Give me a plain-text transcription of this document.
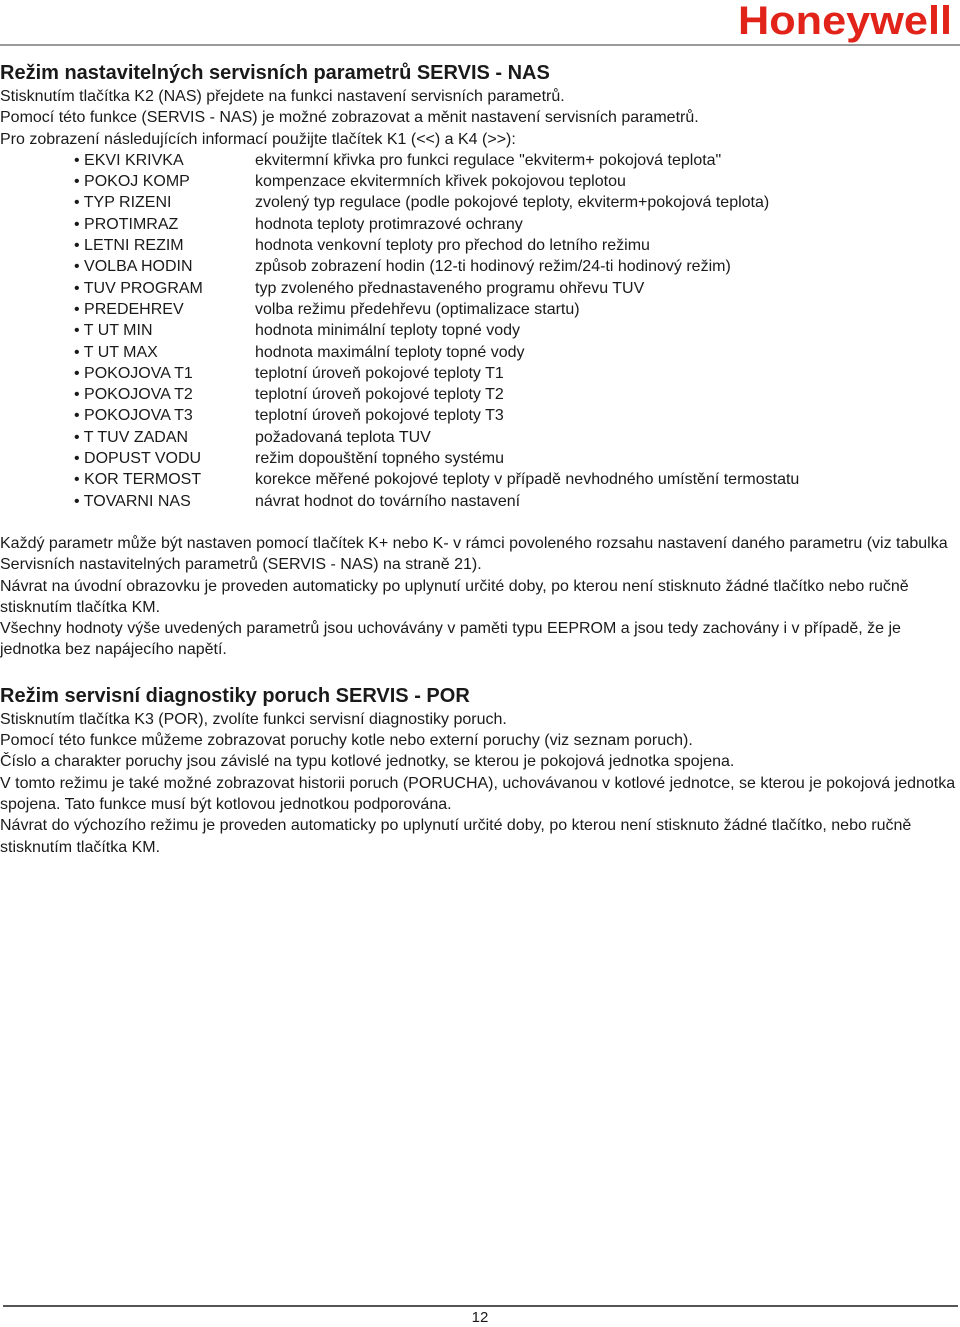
Honeywell
Režim nastavitelných servisních parametrů SERVIS - NAS

Stisknutím tlačítka K2 (NAS) přejdete na funkci nastavení servisních parametrů.

Pomocí této funkce (SERVIS - NAS) je možné zobrazovat a měnit nastavení servisních parametrů.

Pro zobrazení následujících informací použijte tlačítek K1 (<<) a K4 (>>):

• EKVI KRIVKA	ekvitermní křivka pro funkci regulace "ekviterm+ pokojová teplota"
• POKOJ KOMP	kompenzace ekvitermních křivek pokojovou teplotou
• TYP RIZENI	zvolený typ regulace (podle pokojové teploty, ekviterm+pokojová teplota)
• PROTIMRAZ	hodnota teploty protimrazové ochrany
• LETNI REZIM	hodnota venkovní teploty pro přechod do letního režimu
• VOLBA HODIN	způsob zobrazení hodin (12-ti hodinový režim/24-ti hodinový režim)
• TUV PROGRAM	typ zvoleného přednastaveného programu ohřevu TUV
• PREDEHREV	volba režimu předehřevu (optimalizace startu)
• T UT MIN	hodnota minimální teploty topné vody
• T UT MAX	hodnota maximální teploty topné vody
• POKOJOVA T1	teplotní úroveň pokojové teploty T1
• POKOJOVA T2	teplotní úroveň pokojové teploty T2
• POKOJOVA T3	teplotní úroveň pokojové teploty T3
• T TUV ZADAN	požadovaná teplota TUV
• DOPUST VODU	režim dopouštění topného systému
• KOR TERMOST	korekce měřené pokojové teploty v případě nevhodného umístění termostatu
• TOVARNI NAS	návrat hodnot do továrního nastavení

Každý parametr může být nastaven pomocí tlačítek K+ nebo K- v rámci povoleného rozsahu nastavení daného parametru (viz tabulka Servisních nastavitelných parametrů (SERVIS - NAS) na straně 21).

Návrat na úvodní obrazovku je proveden automaticky po uplynutí určité doby, po kterou není stisknuto žádné tlačítko nebo ručně stisknutím tlačítka KM.

Všechny hodnoty výše uvedených parametrů jsou uchovávány v paměti typu EEPROM a jsou tedy zachovány i v případě, že je jednotka bez napájecího napětí.

Režim servisní diagnostiky poruch SERVIS - POR

Stisknutím tlačítka K3 (POR), zvolíte funkci servisní diagnostiky poruch.

Pomocí této funkce můžeme zobrazovat poruchy kotle nebo externí poruchy (viz seznam poruch).

Číslo a charakter poruchy jsou závislé na typu kotlové jednotky, se kterou je pokojová jednotka spojena.

V tomto režimu je také možné zobrazovat historii poruch (PORUCHA), uchovávanou v kotlové jednotce, se kterou je pokojová jednotka spojena. Tato funkce musí být kotlovou jednotkou podporována.

Návrat do výchozího režimu je proveden automaticky po uplynutí určité doby, po kterou není stisknuto žádné tlačítko, nebo ručně stisknutím tlačítka KM.

12
